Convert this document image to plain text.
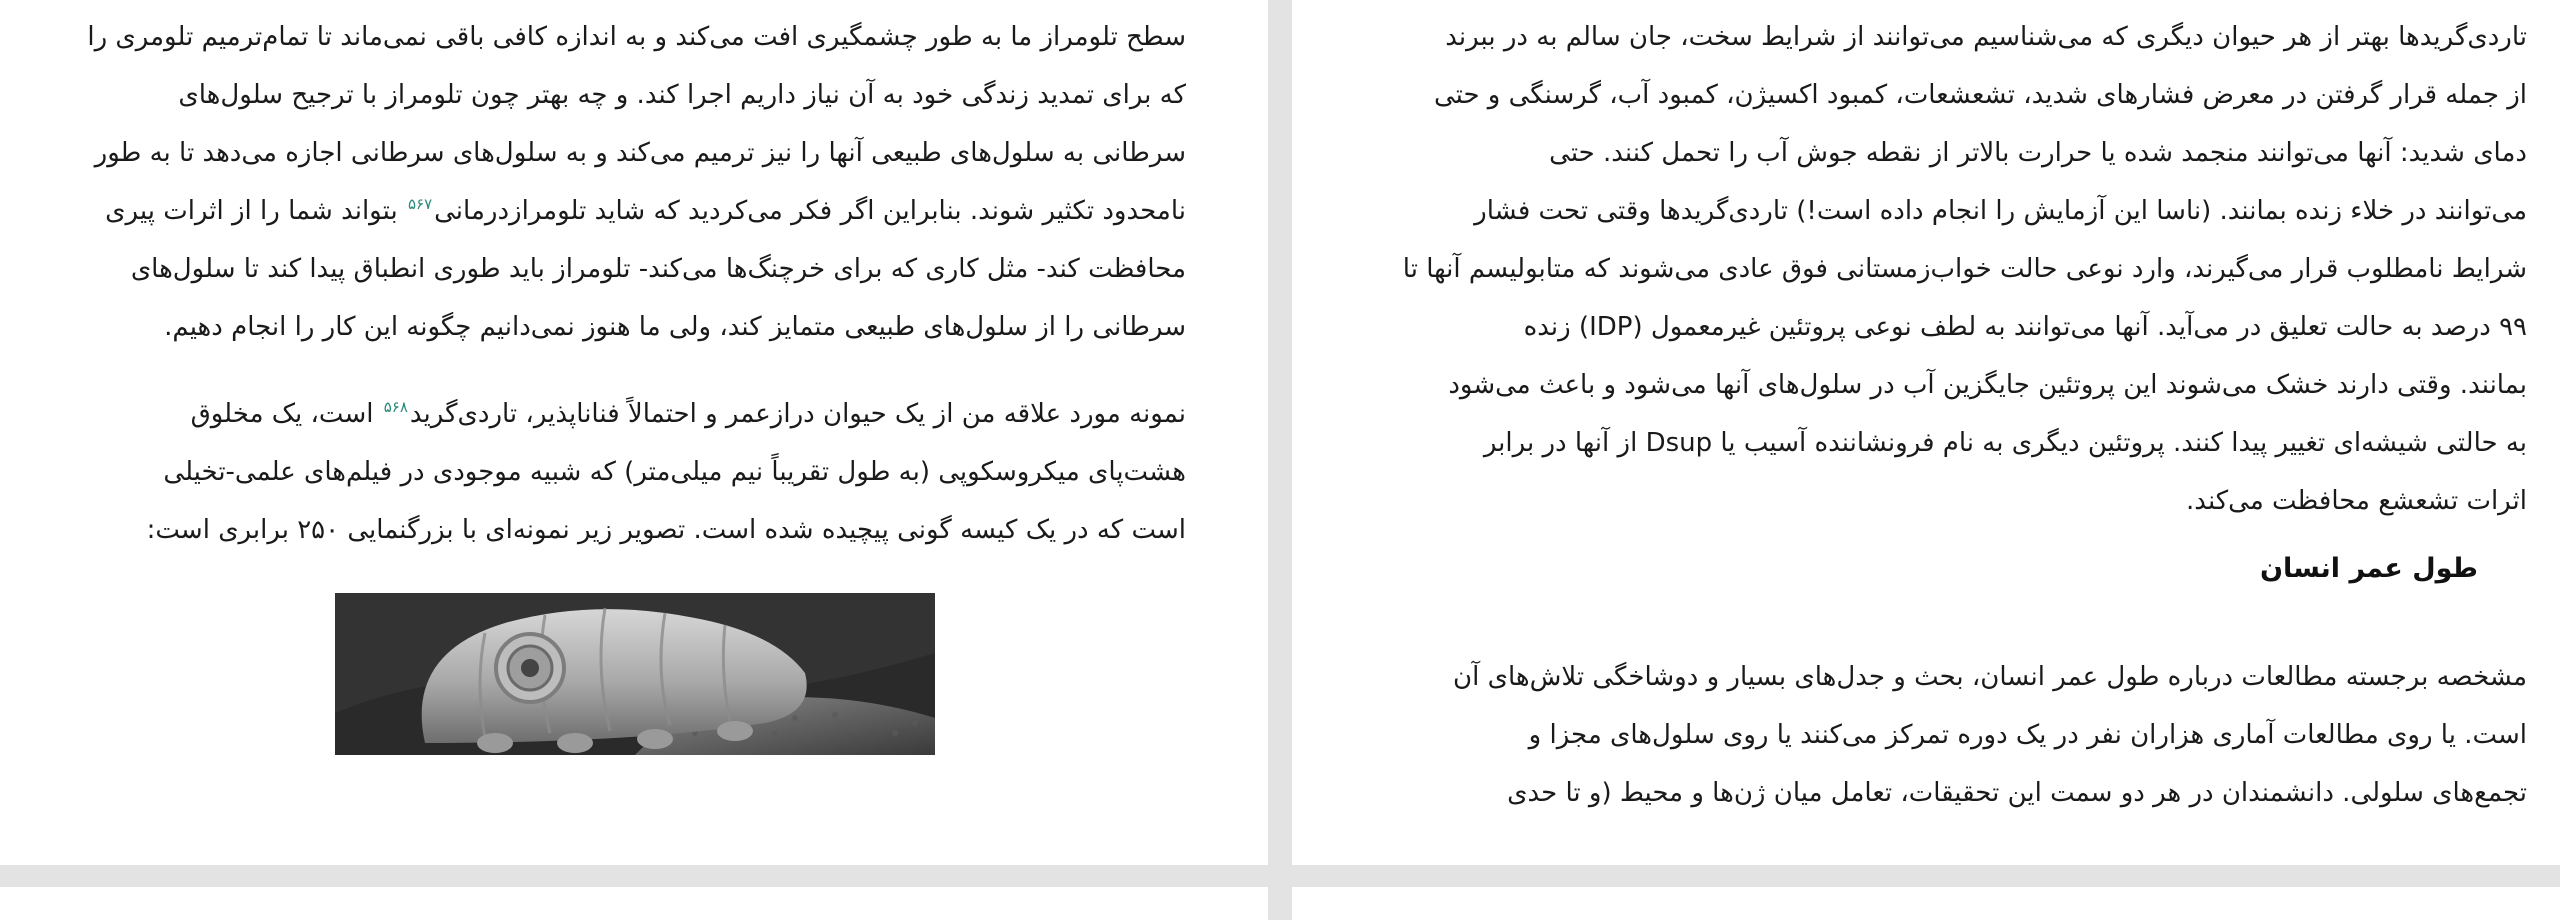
سطح تلومراز ما به طور چشمگیری افت می‌کند و به اندازه کافی باقی نمی‌ماند تا تمام‌ترمیم تلومری را
که برای تمدید زندگی خود به آن نیاز داریم اجرا کند. و چه بهتر چون تلومراز با ترجیح سلول‌های
سرطانی به سلول‌های طبیعی آنها را نیز ترمیم می‌کند و به سلول‌های سرطانی اجازه می‌دهد تا به طور
نامحدود تکثیر شوند. بنابراین اگر فکر می‌کردید که شاید تلومرازدرمانی$^{۵۶۷}$ بتواند شما را از اثرات پیری
محافظت کند- مثل کاری که برای خرچنگ‌ها می‌کند- تلومراز باید طوری انطباق پیدا کند تا سلول‌های
سرطانی را از سلول‌های طبیعی متمایز کند، ولی ما هنوز نمی‌دانیم چگونه این کار را انجام دهیم.
نمونه مورد علاقه من از یک حیوان درازعمر و احتمالاً فناناپذیر، تاردی‌گرید$^{۵۶۸}$ است، یک مخلوق
هشت‌پای میکروسکوپی (به طول تقریباً نیم میلی‌متر) که شبیه موجودی در فیلم‌های علمی-تخیلی
است که در یک کیسه گونی پیچیده شده است. تصویر زیر نمونه‌ای با بزرگنمایی ۲۵۰ برابری است:
تاردی‌گریدها بهتر از هر حیوان دیگری که می‌شناسیم می‌توانند از شرایط سخت، جان سالم به در ببرند
از جمله قرار گرفتن در معرض فشارهای شدید، تشعشعات، کمبود اکسیژن، کمبود آب، گرسنگی و حتی
دمای شدید: آنها می‌توانند منجمد شده یا حرارت بالاتر از نقطه جوش آب را تحمل کنند. حتی
می‌توانند در خلاء زنده بمانند. (ناسا این آزمایش را انجام داده است!) تاردی‌گریدها وقتی تحت فشار
شرایط نامطلوب قرار می‌گیرند، وارد نوعی حالت خواب‌زمستانی فوق عادی می‌شوند که متابولیسم آنها تا
۹۹ درصد به حالت تعلیق در می‌آید. آنها می‌توانند به لطف نوعی پروتئین غیرمعمول (IDP) زنده
بمانند. وقتی دارند خشک می‌شوند این پروتئین جایگزین آب در سلول‌های آنها می‌شود و باعث می‌شود
به حالتی شیشه‌ای تغییر پیدا کنند. پروتئین دیگری به نام فرونشاننده آسیب یا Dsup از آنها در برابر
اثرات تشعشع محافظت می‌کند.
طول عمر انسان
مشخصه برجسته مطالعات درباره طول عمر انسان، بحث و جدل‌های بسیار و دوشاخگی تلاش‌های آن
است. یا روی مطالعات آماری هزاران نفر در یک دوره تمرکز می‌کنند یا روی سلول‌های مجزا و
تجمع‌های سلولی. دانشمندان در هر دو سمت این تحقیقات، تعامل میان ژن‌ها و محیط (و تا حدی
